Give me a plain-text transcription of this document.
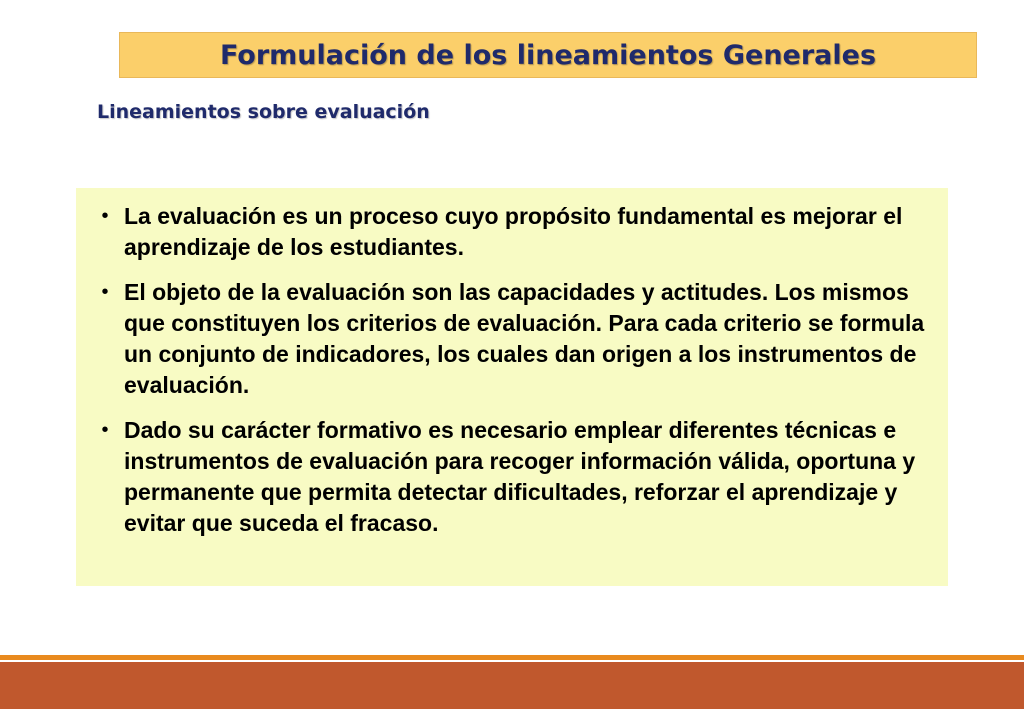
Formulación de los lineamientos Generales
Lineamientos sobre evaluación
• La evaluación es un proceso cuyo propósito fundamental es mejorar el aprendizaje de los estudiantes.
• El objeto de la evaluación son las capacidades y actitudes. Los mismos que constituyen los criterios de evaluación. Para cada criterio se formula un conjunto de indicadores, los cuales dan origen a los instrumentos de evaluación.
• Dado su carácter formativo es necesario emplear diferentes técnicas e instrumentos de evaluación para recoger información válida, oportuna y permanente que permita detectar dificultades, reforzar el aprendizaje y evitar que suceda el fracaso.
